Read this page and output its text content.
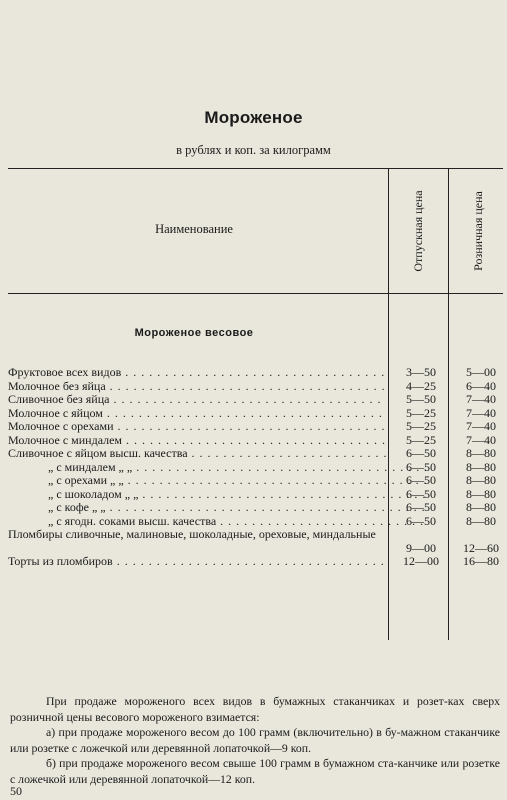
Мороженое
в рублях и коп. за килограмм
Наименование	Отпускная цена	Розничная цена
Мороженое весовое
Фруктовое всех видов . . .	3—50	5—00
Молочное без яйца . . .	4—25	6—40
Сливочное без яйца . . .	5—50	7—40
Молочное с яйцом . . .	5—25	7—40
Молочное с орехами . . .	5—25	7—40
Молочное с миндалем . . .	5—25	7—40
Сливочное с яйцом высш. качества . . .	6—50	8—80
„ с миндалем „ „ . . .	6—50	8—80
„ с орехами „ „ . . .	6—50	8—80
„ с шоколадом „ „ . . .	6—50	8—80
„ с кофе „ „ . . .	6—50	8—80
„ с ягодн. соками высш. качества . . .	6—50	8—80
Пломбиры сливочные, малиновые, шоколадные, ореховые, миндальные
9—00	12—60
Торты из пломбиров . . .	12—00	16—80

При продаже мороженого всех видов в бумажных стаканчиках и розет-ках сверх розничной цены весового мороженого взимается:

а) при продаже мороженого весом до 100 грамм (включительно) в бу-мажном стаканчике или розетке с ложечкой или деревянной лопаточкой—9 коп.

б) при продаже мороженого весом свыше 100 грамм в бумажном ста-канчике или розетке с ложечкой или деревянной лопаточкой—12 коп.

50
